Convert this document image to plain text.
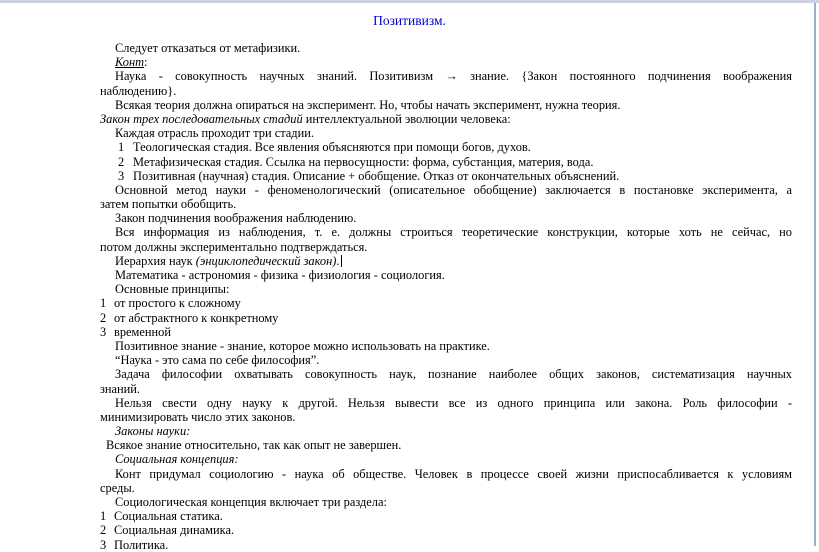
Позитивизм.
Следует отказаться от метафизики.
Конт:
Наука - совокупность научных знаний. Позитивизм → знание. {Закон постоянного подчинения воображения
наблюдению}.
Всякая теория должна опираться на эксперимент. Но, чтобы начать эксперимент, нужна теория.
Закон трех последовательных стадий интеллектуальной эволюции человека:
Каждая отрасль проходит три стадии.
1 Теологическая стадия. Все явления объясняются при помощи богов, духов.
2 Метафизическая стадия. Ссылка на первосущности: форма, субстанция, материя, вода.
3 Позитивная (научная) стадия. Описание + обобщение. Отказ от окончательных объяснений.
Основной метод науки - феноменологический (описательное обобщение) заключается в постановке эксперимента, а
затем попытки обобщить.
Закон подчинения воображения наблюдению.
Вся информация из наблюдения, т. е. должны строиться теоретические конструкции, которые хоть не сейчас, но
потом должны экспериментально подтверждаться.
Иерархия наук (энциклопедический закон).
Математика - астрономия - физика - физиология - социология.
Основные принципы:
1 от простого к сложному
2 от абстрактного к конкретному
3 временной
Позитивное знание - знание, которое можно использовать на практике.
“Наука - это сама по себе философия”.
Задача философии охватывать совокупность наук, познание наиболее общих законов, систематизация научных
знаний.
Нельзя свести одну науку к другой. Нельзя вывести все из одного принципа или закона. Роль философии -
минимизировать число этих законов.
Законы науки:
Всякое знание относительно, так как опыт не завершен.
Социальная концепция:
Конт придумал социологию - наука об обществе. Человек в процессе своей жизни приспосабливается к условиям
среды.
Социологическая концепция включает три раздела:
1 Социальная статика.
2 Социальная динамика.
3 Политика.
